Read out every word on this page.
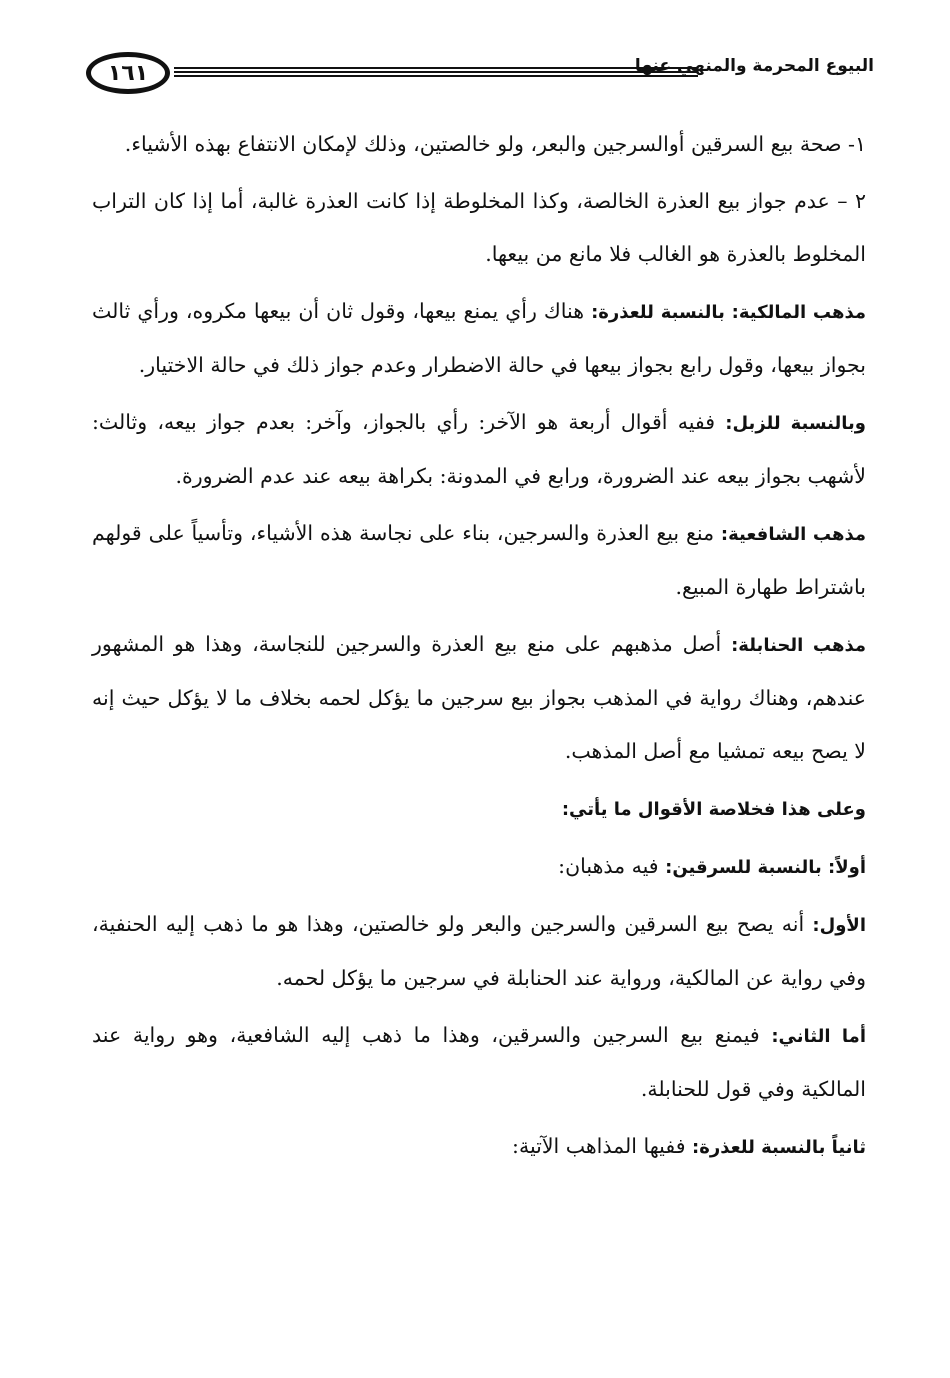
١٦١	البيوع المحرمة والمنهي عنها

١- صحة بيع السرقين أوالسرجين والبعر، ولو خالصتين، وذلك لإمكان الانتفاع بهذه الأشياء.

٢ – عدم جواز بيع العذرة الخالصة، وكذا المخلوطة إذا كانت العذرة غالبة، أما إذا كان التراب المخلوط بالعذرة هو الغالب فلا مانع من بيعها.

مذهب المالكية: بالنسبة للعذرة: هناك رأي يمنع بيعها، وقول ثان أن بيعها مكروه، ورأي ثالث بجواز بيعها، وقول رابع بجواز بيعها في حالة الاضطرار وعدم جواز ذلك في حالة الاختيار.

وبالنسبة للزبل: ففيه أقوال أربعة هو الآخر: رأي بالجواز، وآخر: بعدم جواز بيعه، وثالث: لأشهب بجواز بيعه عند الضرورة، ورابع في المدونة: بكراهة بيعه عند عدم الضرورة.

مذهب الشافعية: منع بيع العذرة والسرجين، بناء على نجاسة هذه الأشياء، وتأسياً على قولهم باشتراط طهارة المبيع.

مذهب الحنابلة: أصل مذهبهم على منع بيع العذرة والسرجين للنجاسة، وهذا هو المشهور عندهم، وهناك رواية في المذهب بجواز بيع سرجين ما يؤكل لحمه بخلاف ما لا يؤكل حيث إنه لا يصح بيعه تمشيا مع أصل المذهب.

وعلى هذا فخلاصة الأقوال ما يأتي:

أولاً: بالنسبة للسرقين: فيه مذهبان:

الأول: أنه يصح بيع السرقين والسرجين والبعر ولو خالصتين، وهذا هو ما ذهب إليه الحنفية، وفي رواية عن المالكية، ورواية عند الحنابلة في سرجين ما يؤكل لحمه.

أما الثاني: فيمنع بيع السرجين والسرقين، وهذا ما ذهب إليه الشافعية، وهو رواية عند المالكية وفي قول للحنابلة.

ثانياً بالنسبة للعذرة: ففيها المذاهب الآتية:
